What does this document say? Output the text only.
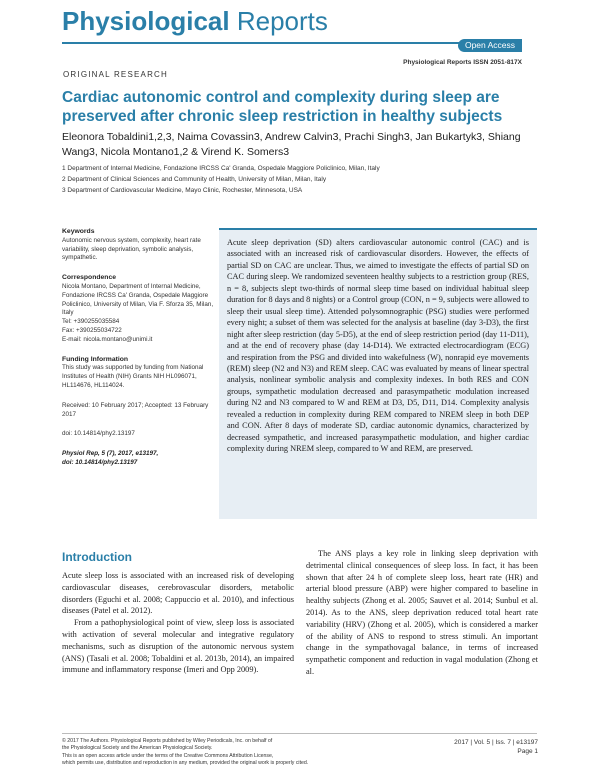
Physiological Reports
Open Access
Physiological Reports ISSN 2051-817X
ORIGINAL RESEARCH
Cardiac autonomic control and complexity during sleep are preserved after chronic sleep restriction in healthy subjects
Eleonora Tobaldini1,2,3, Naima Covassin3, Andrew Calvin3, Prachi Singh3, Jan Bukartyk3, Shiang Wang3, Nicola Montano1,2 & Virend K. Somers3
1 Department of Internal Medicine, Fondazione IRCSS Ca' Granda, Ospedale Maggiore Policlinico, Milan, Italy
2 Department of Clinical Sciences and Community of Health, University of Milan, Milan, Italy
3 Department of Cardiovascular Medicine, Mayo Clinic, Rochester, Minnesota, USA
Keywords

Autonomic nervous system, complexity, heart rate variability, sleep deprivation, symbolic analysis, sympathetic.

Correspondence

Nicola Montano, Department of Internal Medicine, Fondazione IRCSS Ca' Granda, Ospedale Maggiore Policlinico, University of Milan, Via F. Sforza 35, Milan, Italy

Tel: +390255035584

Fax: +390255034722

E-mail: nicola.montano@unimi.it

Funding Information

This study was supported by funding from National Institutes of Health (NIH) Grants NIH HL096071, HL114676, HL114024.

Received: 10 February 2017; Accepted: 13 February 2017

doi: 10.14814/phy2.13197

Physiol Rep, 5 (7), 2017, e13197,

doi: 10.14814/phy2.13197

Acute sleep deprivation (SD) alters cardiovascular autonomic control (CAC) and is associated with an increased risk of cardiovascular disorders. However, the effects of partial SD on CAC are unclear. Thus, we aimed to investigate the effects of partial SD on CAC during sleep. We randomized seventeen healthy subjects to a restriction group (RES, n = 8, subjects slept two-thirds of normal sleep time based on individual habitual sleep duration for 8 days and 8 nights) or a Control group (CON, n = 9, subjects were allowed to sleep their usual sleep time). Attended polysomnographic (PSG) studies were performed every night; a subset of them was selected for the analysis at baseline (day 3-D3), the first night after sleep restriction (day 5-D5), at the end of sleep restriction period (day 11-D11), and at the end of recovery phase (day 14-D14). We extracted electrocardiogram (ECG) and respiration from the PSG and divided into wakefulness (W), nonrapid eye movements (REM) sleep (N2 and N3) and REM sleep. CAC was evaluated by means of linear spectral analysis, nonlinear symbolic analysis and complexity indexes. In both RES and CON groups, sympathetic modulation decreased and parasympathetic modulation increased during N2 and N3 compared to W and REM at D3, D5, D11, D14. Complexity analysis revealed a reduction in complexity during REM compared to NREM sleep in both DEP and CON. After 8 days of moderate SD, cardiac autonomic dynamics, characterized by decreased sympathetic, and increased parasympathetic modulation, and higher cardiac complexity during NREM sleep, compared to W and REM, are preserved.

Introduction

Acute sleep loss is associated with an increased risk of developing cardiovascular diseases, cerebrovascular disorders, metabolic disorders (Eguchi et al. 2008; Cappuccio et al. 2010), and infectious diseases (Patel et al. 2012).

From a pathophysiological point of view, sleep loss is associated with activation of several molecular and integrative regulatory mechanisms, such as disruption of the autonomic nervous system (ANS) (Tasali et al. 2008; Tobaldini et al. 2013b, 2014), an impaired immune and inflammatory response (Imeri and Opp 2009).

The ANS plays a key role in linking sleep deprivation with detrimental clinical consequences of sleep loss. In fact, it has been shown that after 24 h of complete sleep loss, heart rate (HR) and arterial blood pressure (ABP) were higher compared to baseline in healthy subjects (Zhong et al. 2005; Sauvet et al. 2014; Sunbul et al. 2014). As to the ANS, sleep deprivation reduced total heart rate variability (HRV) (Zhong et al. 2005), which is considered a marker of the ability of ANS to respond to stress stimuli. An important change in the sympathovagal balance, in terms of increased sympathetic component and reduction in vagal modulation (Zhong et al.

© 2017 The Authors. Physiological Reports published by Wiley Periodicals, Inc. on behalf of
the Physiological Society and the American Physiological Society.
This is an open access article under the terms of the Creative Commons Attribution License,
which permits use, distribution and reproduction in any medium, provided the original work is properly cited.
2017 | Vol. 5 | Iss. 7 | e13197
Page 1
